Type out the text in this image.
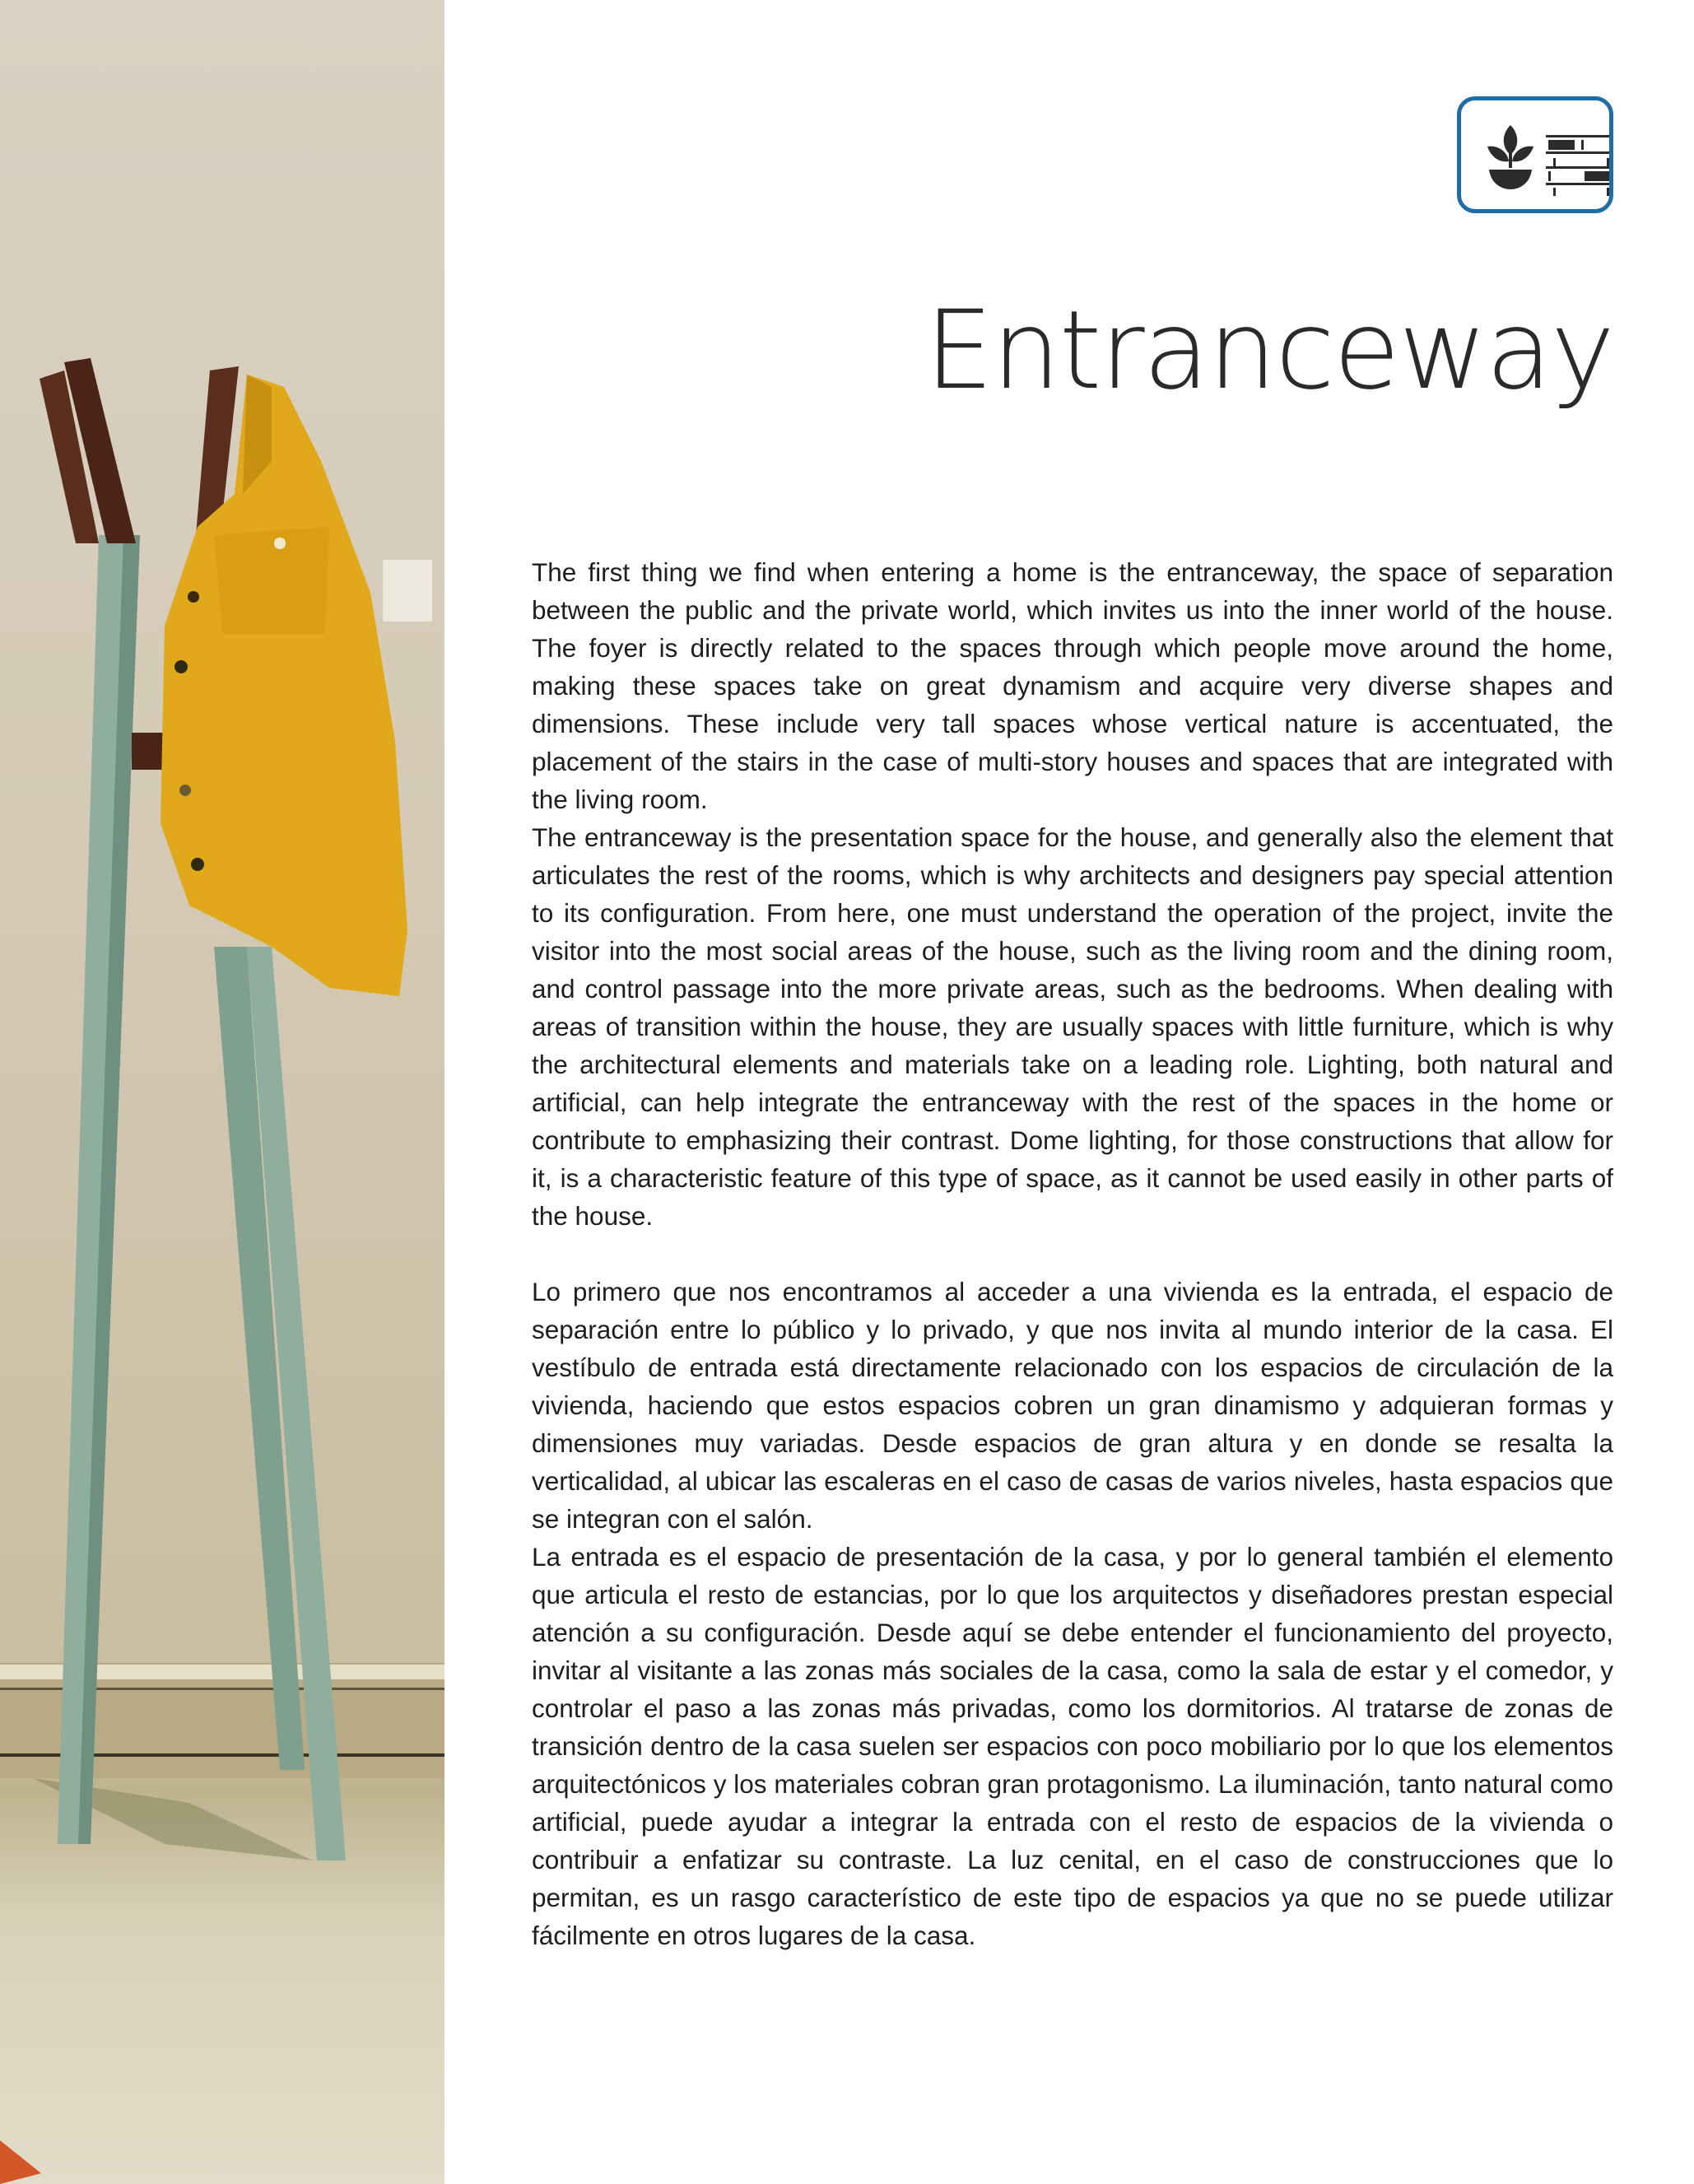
Entranceway

The first thing we find when entering a home is the entranceway, the space of separation between the public and the private world, which invites us into the inner world of the house. The foyer is directly related to the spaces through which people move around the home, making these spaces take on great dynamism and acquire very diverse shapes and dimensions. These include very tall spaces whose vertical nature is accentuated, the placement of the stairs in the case of multi-story houses and spaces that are integrated with the living room.

The entranceway is the presentation space for the house, and generally also the element that articulates the rest of the rooms, which is why architects and designers pay special attention to its configuration. From here, one must understand the operation of the project, invite the visitor into the most social areas of the house, such as the living room and the dining room, and control passage into the more private areas, such as the bedrooms. When dealing with areas of transition within the house, they are usually spaces with little furniture, which is why the architectural elements and materials take on a leading role. Lighting, both natural and artificial, can help integrate the entranceway with the rest of the spaces in the home or contribute to emphasizing their contrast. Dome lighting, for those constructions that allow for it, is a characteristic feature of this type of space, as it cannot be used easily in other parts of the house.

Lo primero que nos encontramos al acceder a una vivienda es la entrada, el espacio de separación entre lo público y lo privado, y que nos invita al mundo interior de la casa. El vestíbulo de entrada está directamente relacionado con los espacios de circulación de la vivienda, haciendo que estos espacios cobren un gran dinamismo y adquieran formas y dimensiones muy variadas. Desde espacios de gran altura y en donde se resalta la verticalidad, al ubicar las escaleras en el caso de casas de varios niveles, hasta espacios que se integran con el salón.

La entrada es el espacio de presentación de la casa, y por lo general también el elemento que articula el resto de estancias, por lo que los arquitectos y diseñadores prestan especial atención a su configuración. Desde aquí se debe entender el funcionamiento del proyecto, invitar al visitante a las zonas más sociales de la casa, como la sala de estar y el comedor, y controlar el paso a las zonas más privadas, como los dormitorios. Al tratarse de zonas de transición dentro de la casa suelen ser espacios con poco mobiliario por lo que los elementos arquitectónicos y los materiales cobran gran protagonismo. La iluminación, tanto natural como artificial, puede ayudar a integrar la entrada con el resto de espacios de la vivienda o contribuir a enfatizar su contraste. La luz cenital, en el caso de construcciones que lo permitan, es un rasgo característico de este tipo de espacios ya que no se puede utilizar fácilmente en otros lugares de la casa.
